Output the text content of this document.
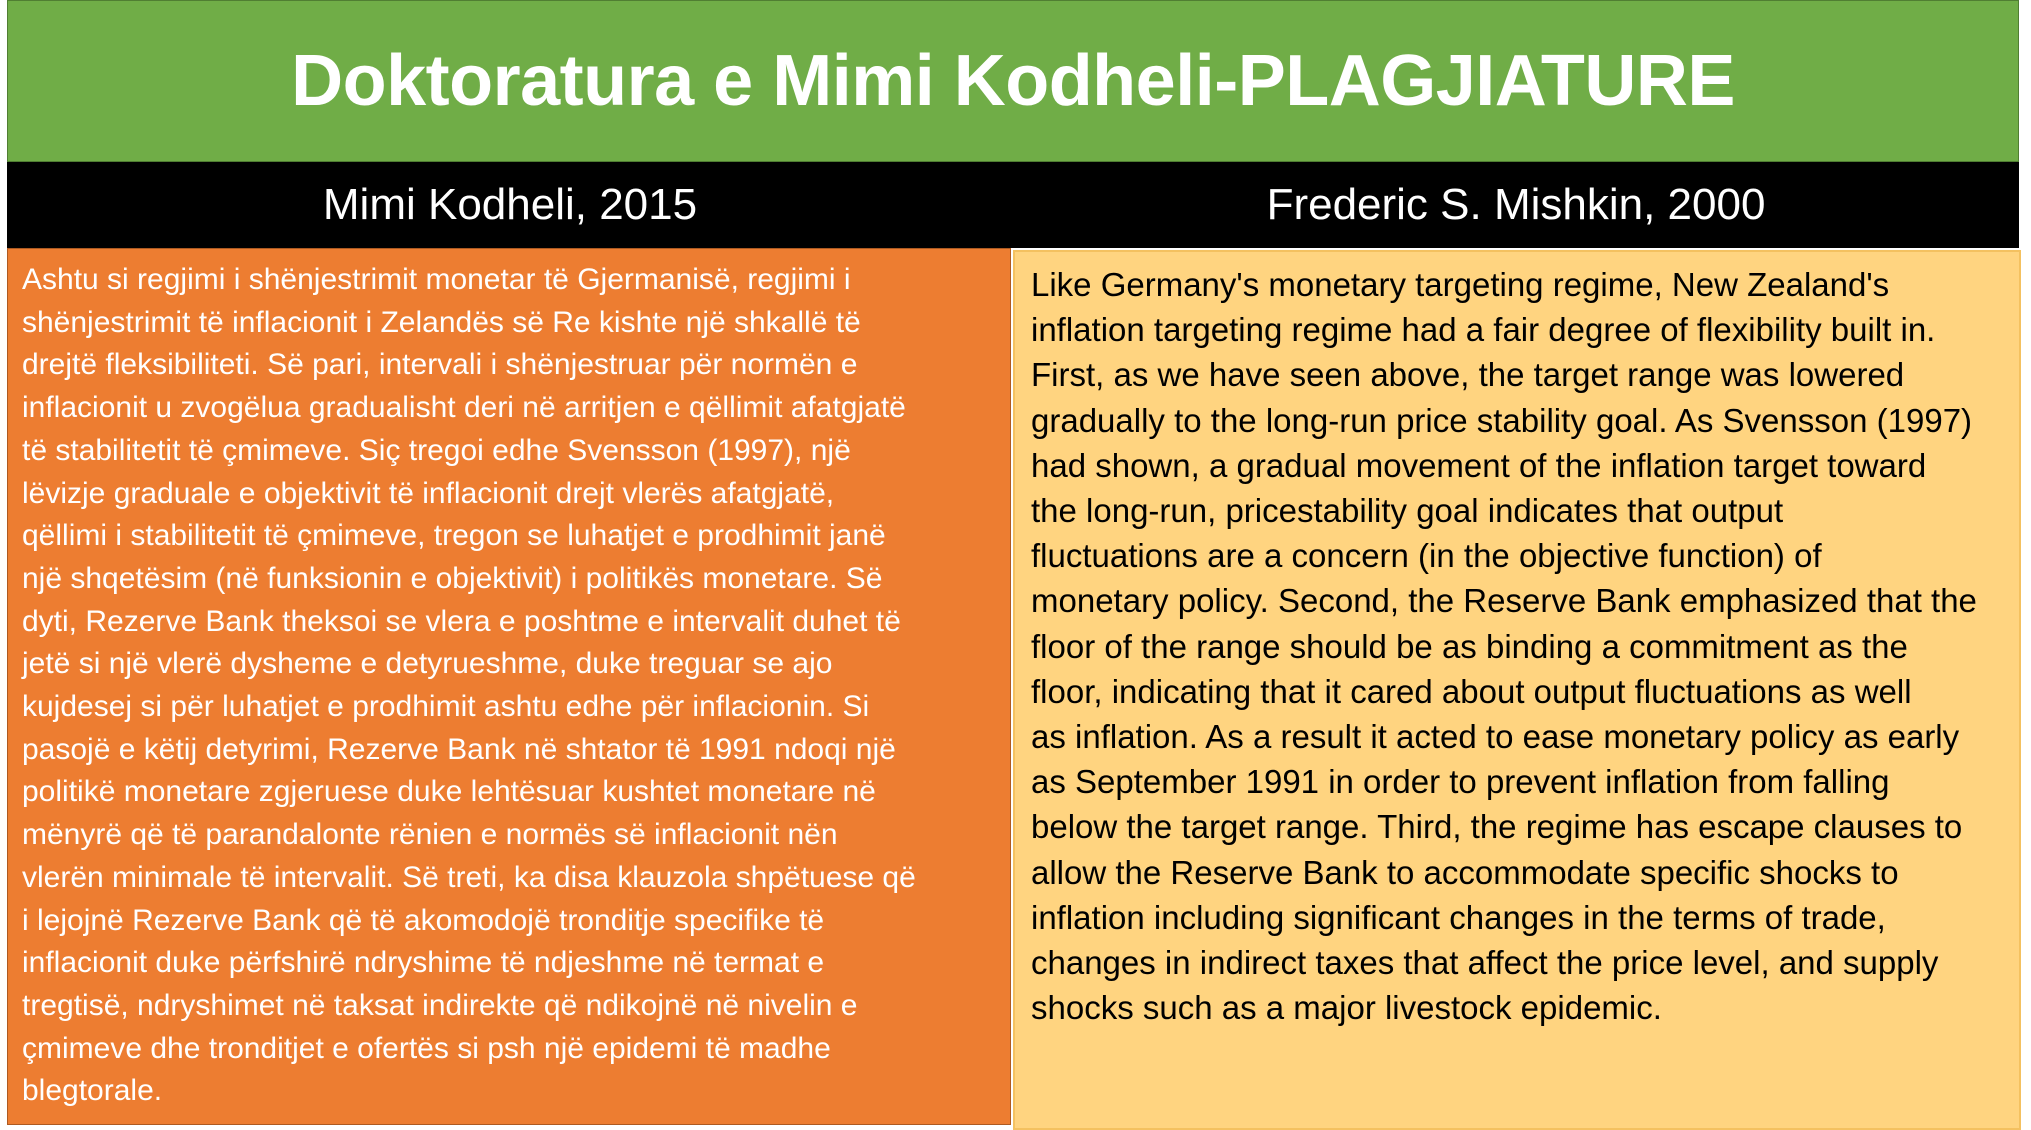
Doktoratura e Mimi Kodheli-PLAGJIATURE
Mimi Kodheli, 2015	Frederic S. Mishkin, 2000

Ashtu si regjimi i shënjestrimit monetar të Gjermanisë, regjimi i
shënjestrimit të inflacionit i Zelandës së Re kishte një shkallë të
drejtë fleksibiliteti. Së pari, intervali i shënjestruar për normën e
inflacionit u zvogëlua gradualisht deri në arritjen e qëllimit afatgjatë
të stabilitetit të çmimeve. Siç tregoi edhe Svensson (1997), një
lëvizje graduale e objektivit të inflacionit drejt vlerës afatgjatë,
qëllimi i stabilitetit të çmimeve, tregon se luhatjet e prodhimit janë
një shqetësim (në funksionin e objektivit) i politikës monetare. Së
dyti, Rezerve Bank theksoi se vlera e poshtme e intervalit duhet të
jetë si një vlerë dysheme e detyrueshme, duke treguar se ajo
kujdesej si për luhatjet e prodhimit ashtu edhe për inflacionin. Si
pasojë e këtij detyrimi, Rezerve Bank në shtator të 1991 ndoqi një
politikë monetare zgjeruese duke lehtësuar kushtet monetare në
mënyrë që të parandalonte rënien e normës së inflacionit nën
vlerën minimale të intervalit. Së treti, ka disa klauzola shpëtuese që
i lejojnë Rezerve Bank që të akomodojë tronditje specifike të
inflacionit duke përfshirë ndryshime të ndjeshme në termat e
tregtisë, ndryshimet në taksat indirekte që ndikojnë në nivelin e
çmimeve dhe tronditjet e ofertës si psh një epidemi të madhe
blegtorale.

Like Germany's monetary targeting regime, New Zealand's
inflation targeting regime had a fair degree of flexibility built in.
First, as we have seen above, the target range was lowered
gradually to the long-run price stability goal. As Svensson (1997)
had shown, a gradual movement of the inflation target toward
the long-run, pricestability goal indicates that output
fluctuations are a concern (in the objective function) of
monetary policy. Second, the Reserve Bank emphasized that the
floor of the range should be as binding a commitment as the
floor, indicating that it cared about output fluctuations as well
as inflation. As a result it acted to ease monetary policy as early
as September 1991 in order to prevent inflation from falling
below the target range. Third, the regime has escape clauses to
allow the Reserve Bank to accommodate specific shocks to
inflation including significant changes in the terms of trade,
changes in indirect taxes that affect the price level, and supply
shocks such as a major livestock epidemic.
